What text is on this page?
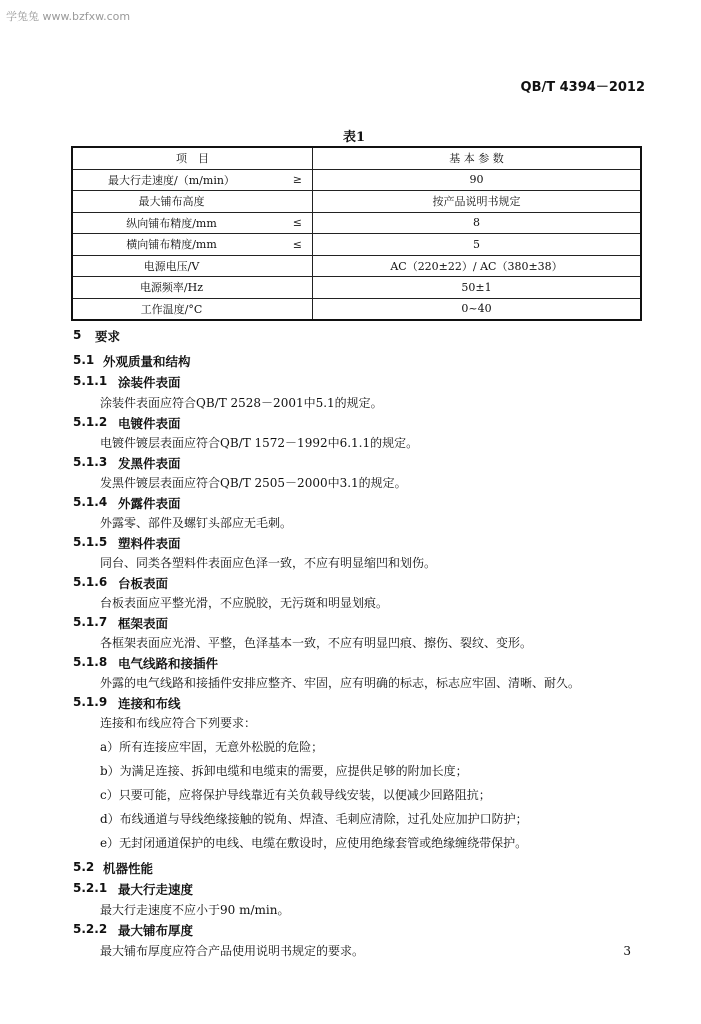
学兔兔 www.bzfxw.com
QB/T 4394－2012
表1
项　目		基 本 参 数
最大行走速度/（m/min）	≥	90
最大铺布高度		按产品说明书规定
纵向铺布精度/mm	≤	8
横向铺布精度/mm	≤	5
电源电压/V		AC（220±22）/ AC（380±38）
电源频率/Hz		50±1
工作温度/°C		0~40
5 要求
5.1 外观质量和结构
5.1.1 涂装件表面
涂装件表面应符合QB/T 2528－2001中5.1的规定。
5.1.2 电镀件表面
电镀件镀层表面应符合QB/T 1572－1992中6.1.1的规定。
5.1.3 发黑件表面
发黑件镀层表面应符合QB/T 2505－2000中3.1的规定。
5.1.4 外露件表面
外露零、部件及螺钉头部应无毛刺。
5.1.5 塑料件表面
同台、同类各塑料件表面应色泽一致，不应有明显缩凹和划伤。
5.1.6 台板表面
台板表面应平整光滑，不应脱胶，无污斑和明显划痕。
5.1.7 框架表面
各框架表面应光滑、平整，色泽基本一致，不应有明显凹痕、擦伤、裂纹、变形。
5.1.8 电气线路和接插件
外露的电气线路和接插件安排应整齐、牢固，应有明确的标志，标志应牢固、清晰、耐久。
5.1.9 连接和布线
连接和布线应符合下列要求：
a）所有连接应牢固，无意外松脱的危险；
b）为满足连接、拆卸电缆和电缆束的需要，应提供足够的附加长度；
c）只要可能，应将保护导线靠近有关负载导线安装，以便减少回路阻抗；
d）布线通道与导线绝缘接触的锐角、焊渣、毛刺应清除，过孔处应加护口防护；
e）无封闭通道保护的电线、电缆在敷设时，应使用绝缘套管或绝缘缠绕带保护。
5.2 机器性能
5.2.1 最大行走速度
最大行走速度不应小于90 m/min。
5.2.2 最大铺布厚度
最大铺布厚度应符合产品使用说明书规定的要求。	3
